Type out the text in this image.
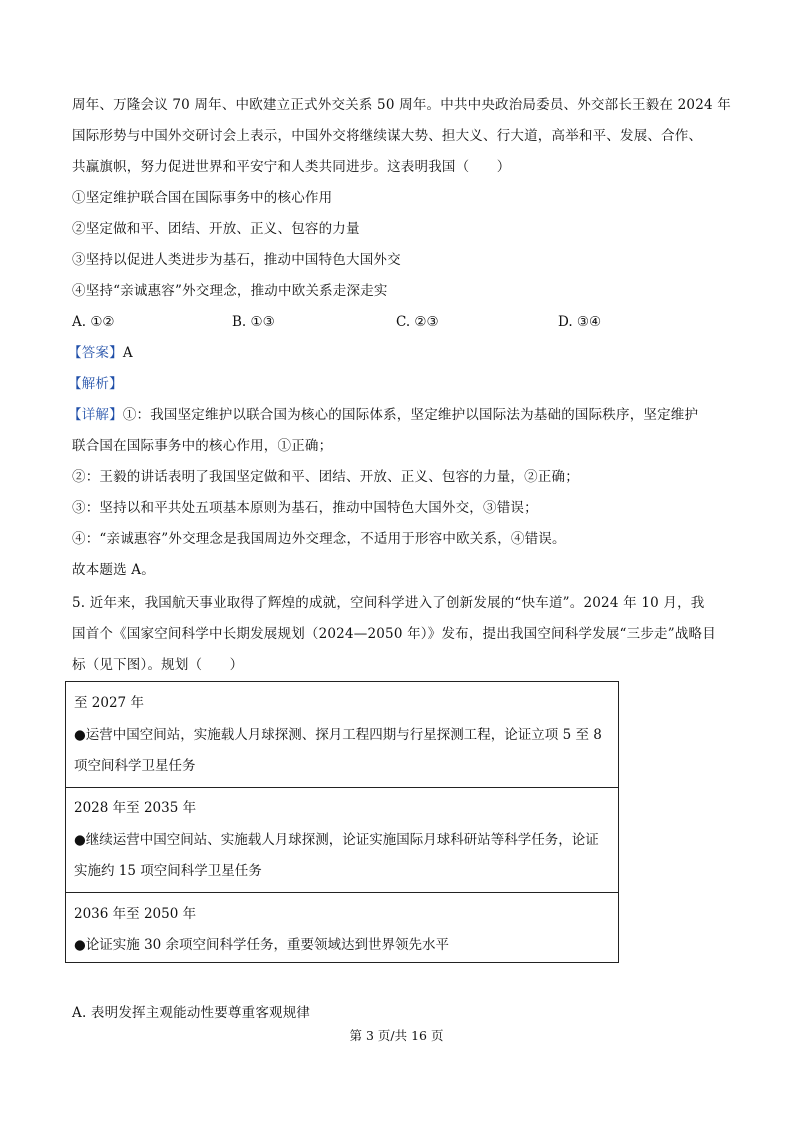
周年、万隆会议 70 周年、中欧建立正式外交关系 50 周年。中共中央政治局委员、外交部长王毅在 2024 年
国际形势与中国外交研讨会上表示，中国外交将继续谋大势、担大义、行大道，高举和平、发展、合作、
共赢旗帜，努力促进世界和平安宁和人类共同进步。这表明我国（　　）
①坚定维护联合国在国际事务中的核心作用
②坚定做和平、团结、开放、正义、包容的力量
③坚持以促进人类进步为基石，推动中国特色大国外交
④坚持“亲诚惠容”外交理念，推动中欧关系走深走实
A. ①②	B. ①③	C. ②③	D. ③④
【答案】A
【解析】
【详解】①：我国坚定维护以联合国为核心的国际体系，坚定维护以国际法为基础的国际秩序，坚定维护
联合国在国际事务中的核心作用，①正确；
②：王毅的讲话表明了我国坚定做和平、团结、开放、正义、包容的力量，②正确；
③：坚持以和平共处五项基本原则为基石，推动中国特色大国外交，③错误；
④：“亲诚惠容”外交理念是我国周边外交理念，不适用于形容中欧关系，④错误。
故本题选 A。
5. 近年来，我国航天事业取得了辉煌的成就，空间科学进入了创新发展的“快车道”。2024 年 10 月，我
国首个《国家空间科学中长期发展规划（2024—2050 年）》发布，提出我国空间科学发展“三步走”战略目
标（见下图）。规划（　　）
至 2027 年
●运营中国空间站，实施载人月球探测、探月工程四期与行星探测工程，论证立项 5 至 8
项空间科学卫星任务
2028 年至 2035 年
●继续运营中国空间站、实施载人月球探测，论证实施国际月球科研站等科学任务，论证
实施约 15 项空间科学卫星任务
2036 年至 2050 年
●论证实施 30 余项空间科学任务，重要领域达到世界领先水平
A. 表明发挥主观能动性要尊重客观规律
第 3 页/共 16 页
